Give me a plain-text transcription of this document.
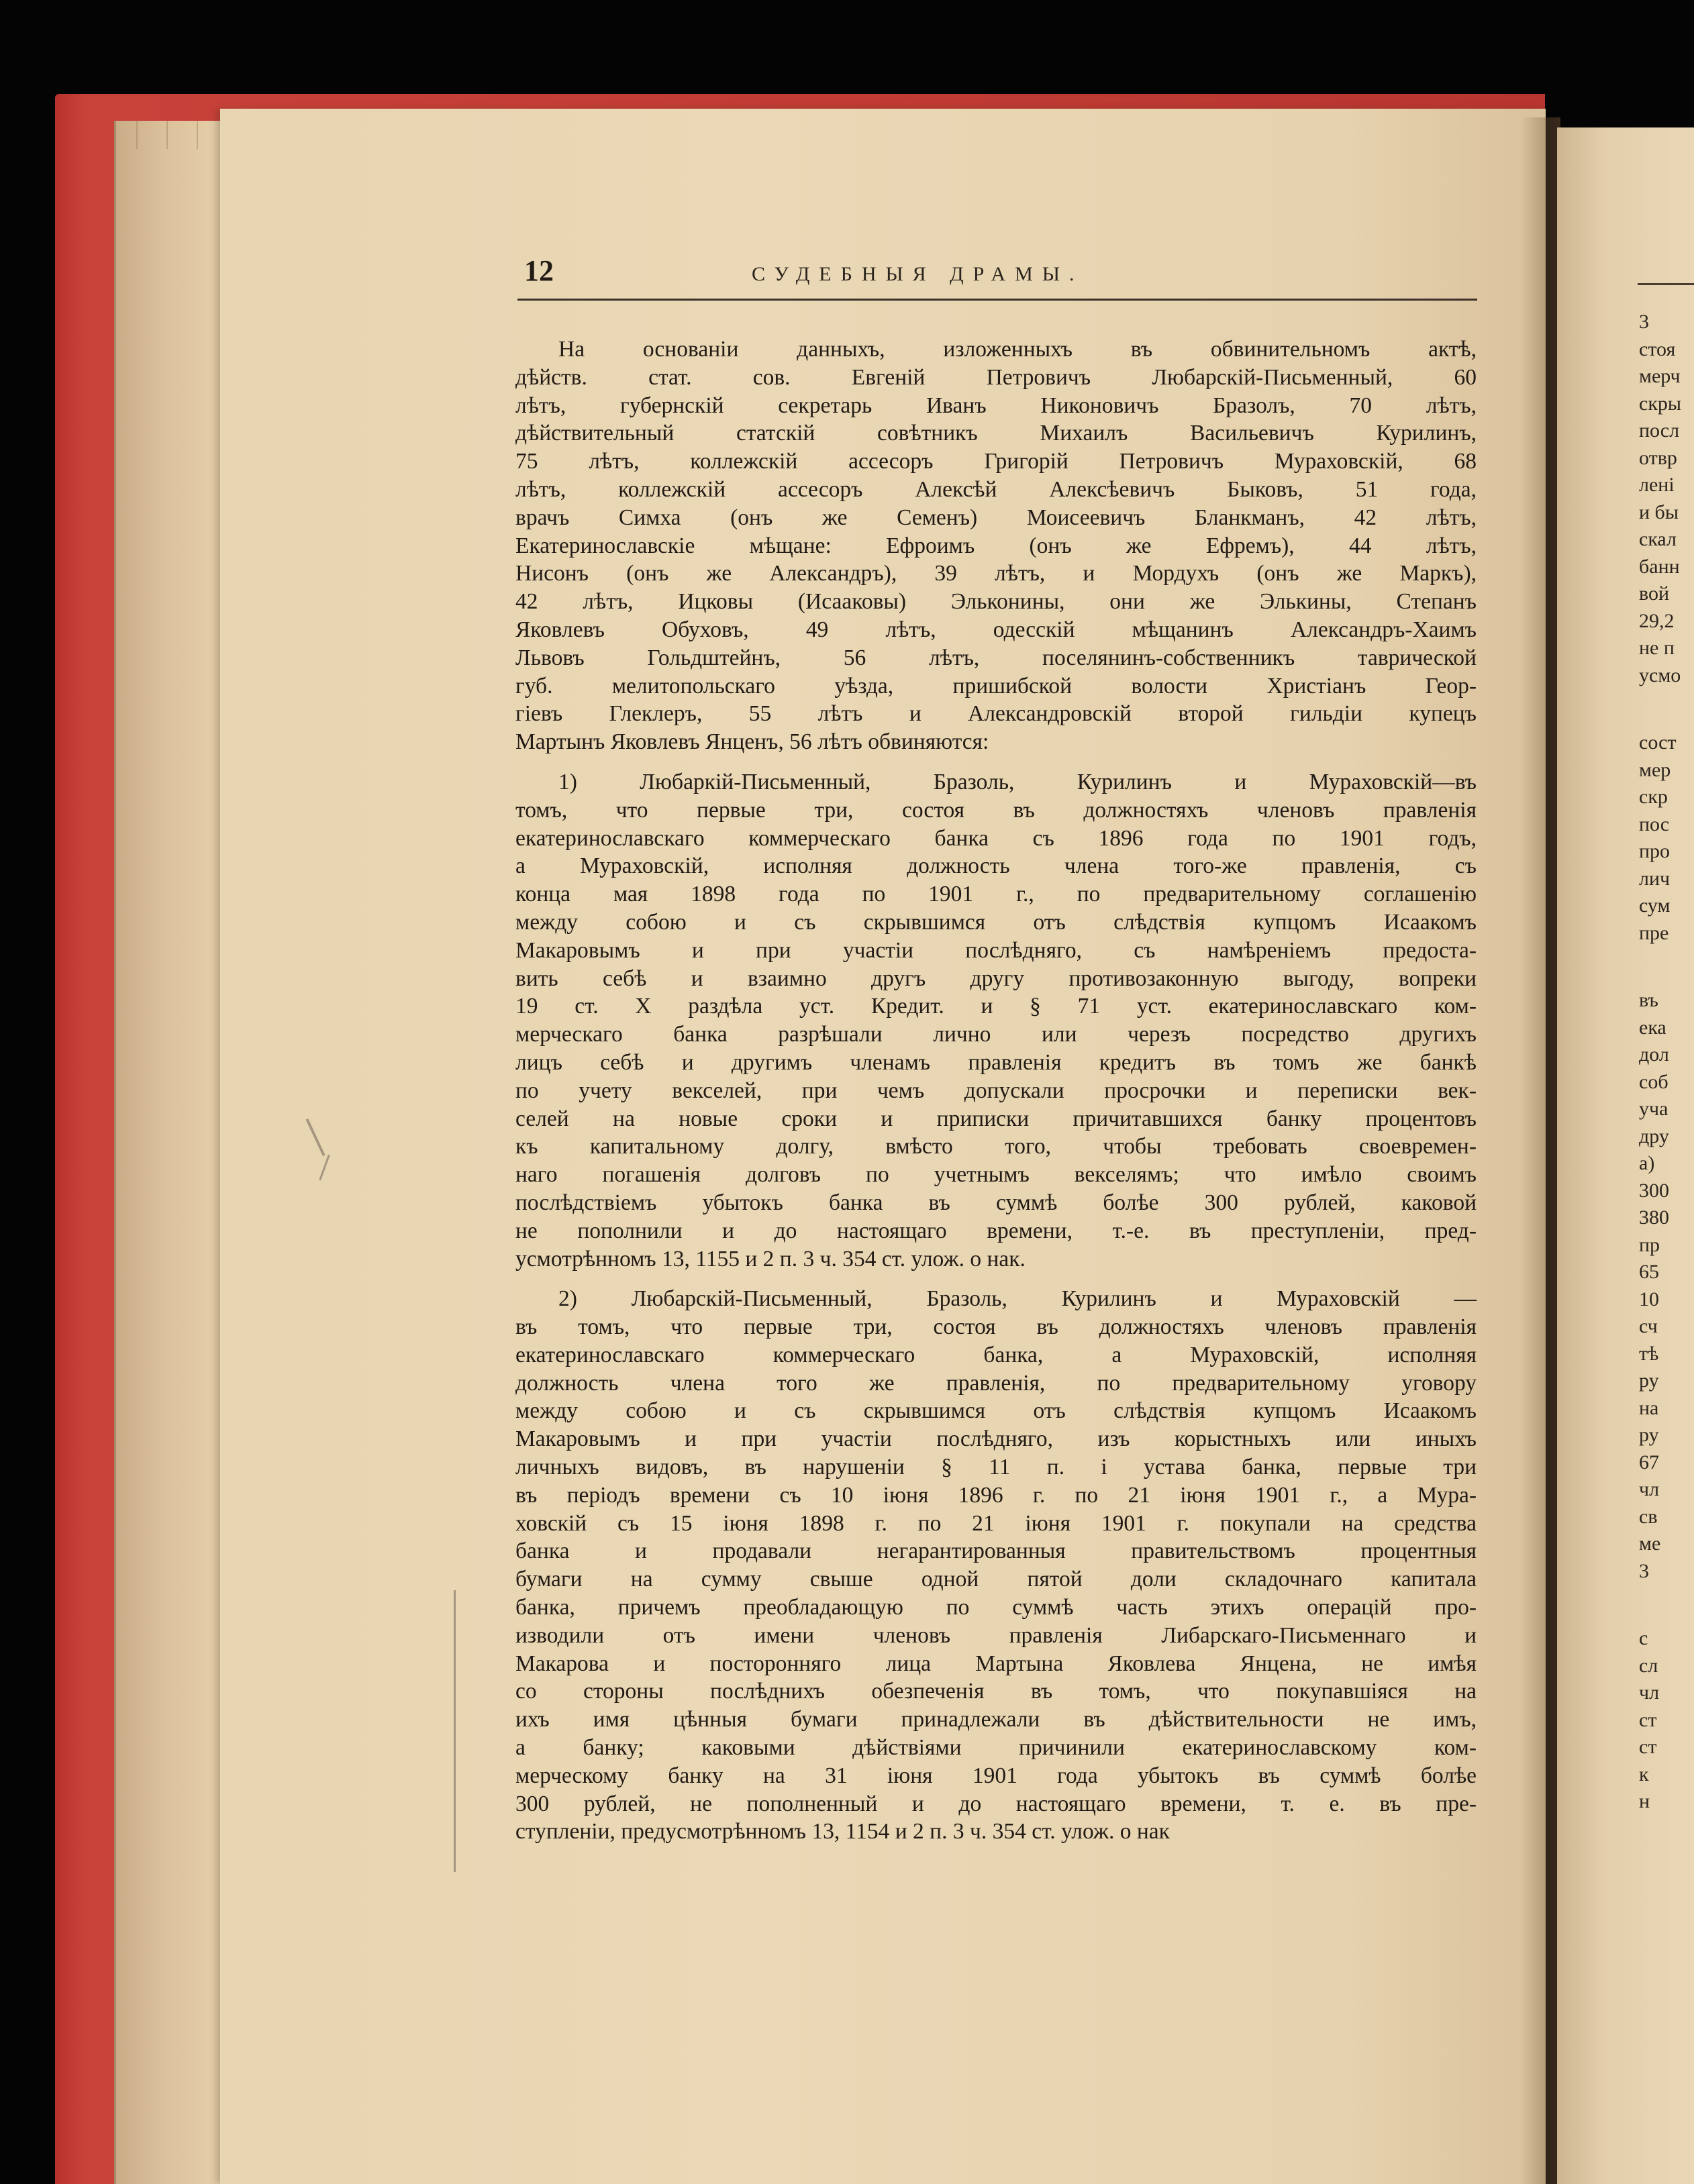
3
стоя
мерч
скры
посл
отвр
лені
и бы
скал
банн
вой
29,2
не п
усмо
сост
мер
скр
пос
про
лич
сум
пре
въ
ека
дол
соб
уча
дру
а)
300
380
пр
65
10
сч
тѣ
ру
на
ру
67
чл
св
ме
3
с
сл
чл
ст
ст
к
н
12	СУДЕБНЫЯ ДРАМЫ.
На основаніи данныхъ, изложенныхъ въ обвинительномъ актѣ,
дѣйств. стат. сов. Евгеній Петровичъ Любарскій-Письменный, 60
лѣтъ, губернскій секретарь Иванъ Никоновичъ Бразолъ, 70 лѣтъ,
дѣйствительный статскій совѣтникъ Михаилъ Васильевичъ Курилинъ,
75 лѣтъ, коллежскій ассесоръ Григорій Петровичъ Мураховскій, 68
лѣтъ, коллежскій ассесоръ Алексѣй Алексѣевичъ Быковъ, 51 года,
врачъ Симха (онъ же Семенъ) Моисеевичъ Бланкманъ, 42 лѣтъ,
Екатеринославскіе мѣщане: Ефроимъ (онъ же Ефремъ), 44 лѣтъ,
Нисонъ (онъ же Александръ), 39 лѣтъ, и Мордухъ (онъ же Маркъ),
42 лѣтъ, Ицковы (Исааковы) Эльконины, они же Элькины, Степанъ
Яковлевъ Обуховъ, 49 лѣтъ, одесскій мѣщанинъ Александръ-Хаимъ
Львовъ Гольдштейнъ, 56 лѣтъ, поселянинъ-собственникъ таврической
губ. мелитопольскаго уѣзда, пришибской волости Христіанъ Геор-
гіевъ Глеклеръ, 55 лѣтъ и Александровскій второй гильдіи купецъ
Мартынъ Яковлевъ Янценъ, 56 лѣтъ обвиняются:
1) Любаркій-Письменный, Бразоль, Курилинъ и Мураховскій—въ
томъ, что первые три, состоя въ должностяхъ членовъ правленія
екатеринославскаго коммерческаго банка съ 1896 года по 1901 годъ,
а Мураховскій, исполняя должность члена того-же правленія, съ
конца мая 1898 года по 1901 г., по предварительному соглашенію
между собою и съ скрывшимся отъ слѣдствія купцомъ Исаакомъ
Макаровымъ и при участіи послѣдняго, съ намѣреніемъ предоста-
вить себѣ и взаимно другъ другу противозаконную выгоду, вопреки
19 ст. X раздѣла уст. Кредит. и § 71 уст. екатеринославскаго ком-
мерческаго банка разрѣшали лично или черезъ посредство другихъ
лицъ себѣ и другимъ членамъ правленія кредитъ въ томъ же банкѣ
по учету векселей, при чемъ допускали просрочки и переписки век-
селей на новые сроки и приписки причитавшихся банку процентовъ
къ капитальному долгу, вмѣсто того, чтобы требовать своевремен-
наго погашенія долговъ по учетнымъ векселямъ; что имѣло своимъ
послѣдствіемъ убытокъ банка въ суммѣ болѣе 300 рублей, каковой
не пополнили и до настоящаго времени, т.-е. въ преступленіи, пред-
усмотрѣнномъ 13, 1155 и 2 п. 3 ч. 354 ст. улож. о нак.
2) Любарскій-Письменный, Бразоль, Курилинъ и Мураховскій —
въ томъ, что первые три, состоя въ должностяхъ членовъ правленія
екатеринославскаго коммерческаго банка, а Мураховскій, исполняя
должность члена того же правленія, по предварительному уговору
между собою и съ скрывшимся отъ слѣдствія купцомъ Исаакомъ
Макаровымъ и при участіи послѣдняго, изъ корыстныхъ или иныхъ
личныхъ видовъ, въ нарушеніи § 11 п. і устава банка, первые три
въ періодъ времени съ 10 іюня 1896 г. по 21 іюня 1901 г., а Мура-
ховскій съ 15 іюня 1898 г. по 21 іюня 1901 г. покупали на средства
банка и продавали негарантированныя правительствомъ процентныя
бумаги на сумму свыше одной пятой доли складочнаго капитала
банка, причемъ преобладающую по суммѣ часть этихъ операцій про-
изводили отъ имени членовъ правленія Либарскаго-Письменнаго и
Макарова и посторонняго лица Мартына Яковлева Янцена, не имѣя
со стороны послѣднихъ обезпеченія въ томъ, что покупавшіяся на
ихъ имя цѣнныя бумаги принадлежали въ дѣйствительности не имъ,
а банку; каковыми дѣйствіями причинили екатеринославскому ком-
мерческому банку на 31 іюня 1901 года убытокъ въ суммѣ болѣе
300 рублей, не пополненный и до настоящаго времени, т. е. въ пре-
ступленіи, предусмотрѣнномъ 13, 1154 и 2 п. 3 ч. 354 ст. улож. о нак
